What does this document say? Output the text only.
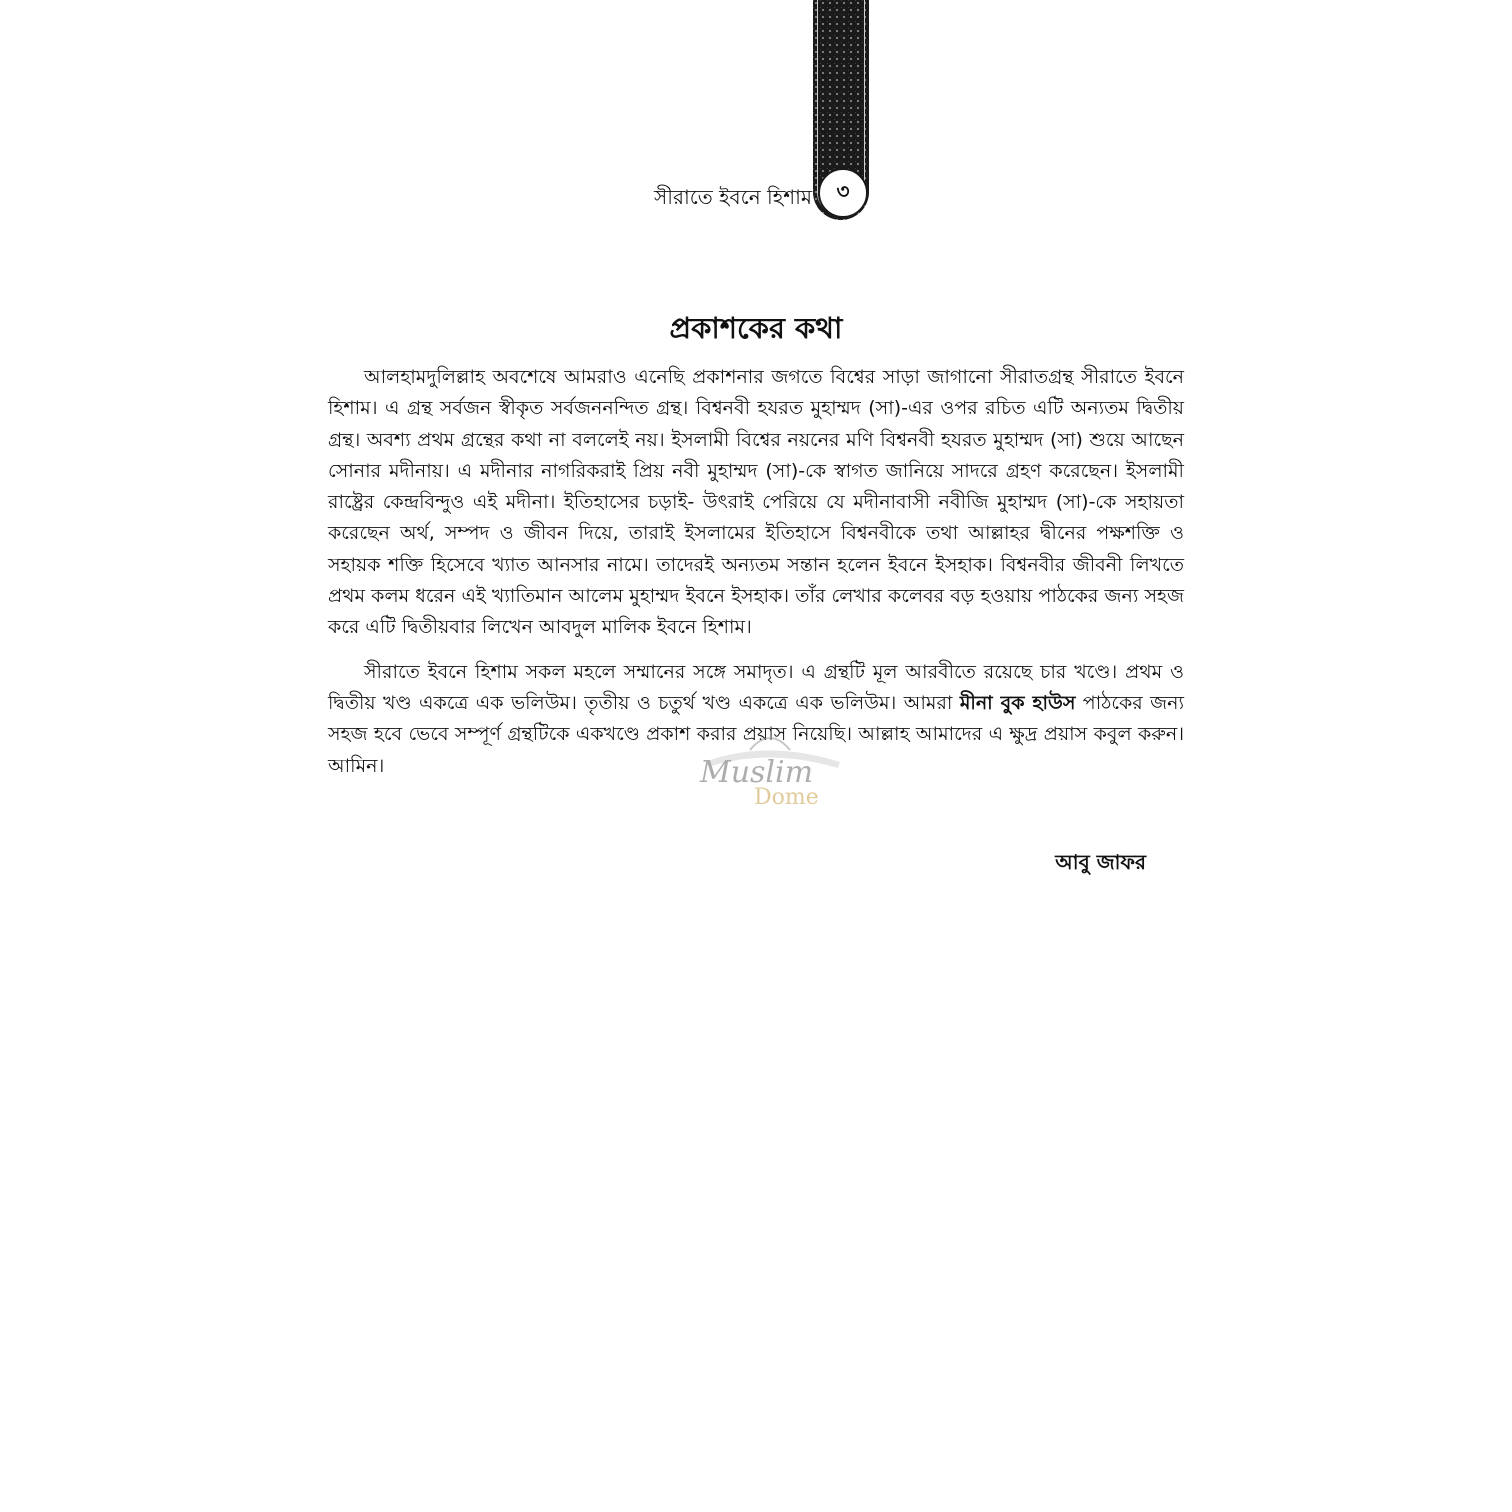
৩
সীরাতে ইবনে হিশাম
প্রকাশকের কথা

আলহামদুলিল্লাহ অবশেষে আমরাও এনেছি প্রকাশনার জগতে বিশ্বের সাড়া জাগানো সীরাতগ্রন্থ সীরাতে ইবনে হিশাম। এ গ্রন্থ সর্বজন স্বীকৃত সর্বজননন্দিত গ্রন্থ। বিশ্বনবী হযরত মুহাম্মদ (সা)-এর ওপর রচিত এটি অন্যতম দ্বিতীয় গ্রন্থ। অবশ্য প্রথম গ্রন্থের কথা না বললেই নয়। ইসলামী বিশ্বের নয়নের মণি বিশ্বনবী হযরত মুহাম্মদ (সা) শুয়ে আছেন সোনার মদীনায়। এ মদীনার নাগরিকরাই প্রিয় নবী মুহাম্মদ (সা)-কে স্বাগত জানিয়ে সাদরে গ্রহণ করেছেন। ইসলামী রাষ্ট্রের কেন্দ্রবিন্দুও এই মদীনা। ইতিহাসের চড়াই- উৎরাই পেরিয়ে যে মদীনাবাসী নবীজি মুহাম্মদ (সা)-কে সহায়তা করেছেন অর্থ, সম্পদ ও জীবন দিয়ে, তারাই ইসলামের ইতিহাসে বিশ্বনবীকে তথা আল্লাহর দ্বীনের পক্ষশক্তি ও সহায়ক শক্তি হিসেবে খ্যাত আনসার নামে। তাদেরই অন্যতম সন্তান হলেন ইবনে ইসহাক। বিশ্বনবীর জীবনী লিখতে প্রথম কলম ধরেন এই খ্যাতিমান আলেম মুহাম্মদ ইবনে ইসহাক। তাঁর লেখার কলেবর বড় হওয়ায় পাঠকের জন্য সহজ করে এটি দ্বিতীয়বার লিখেন আবদুল মালিক ইবনে হিশাম।

সীরাতে ইবনে হিশাম সকল মহলে সম্মানের সঙ্গে সমাদৃত। এ গ্রন্থটি মূল আরবীতে রয়েছে চার খণ্ডে। প্রথম ও দ্বিতীয় খণ্ড একত্রে এক ভলিউম। তৃতীয় ও চতুর্থ খণ্ড একত্রে এক ভলিউম। আমরা মীনা বুক হাউস পাঠকের জন্য সহজ হবে ভেবে সম্পূর্ণ গ্রন্থটিকে একখণ্ডে প্রকাশ করার প্রয়াস নিয়েছি। আল্লাহ আমাদের এ ক্ষুদ্র প্রয়াস কবুল করুন। আমিন।

আবু জাফর
Muslim
Dome
